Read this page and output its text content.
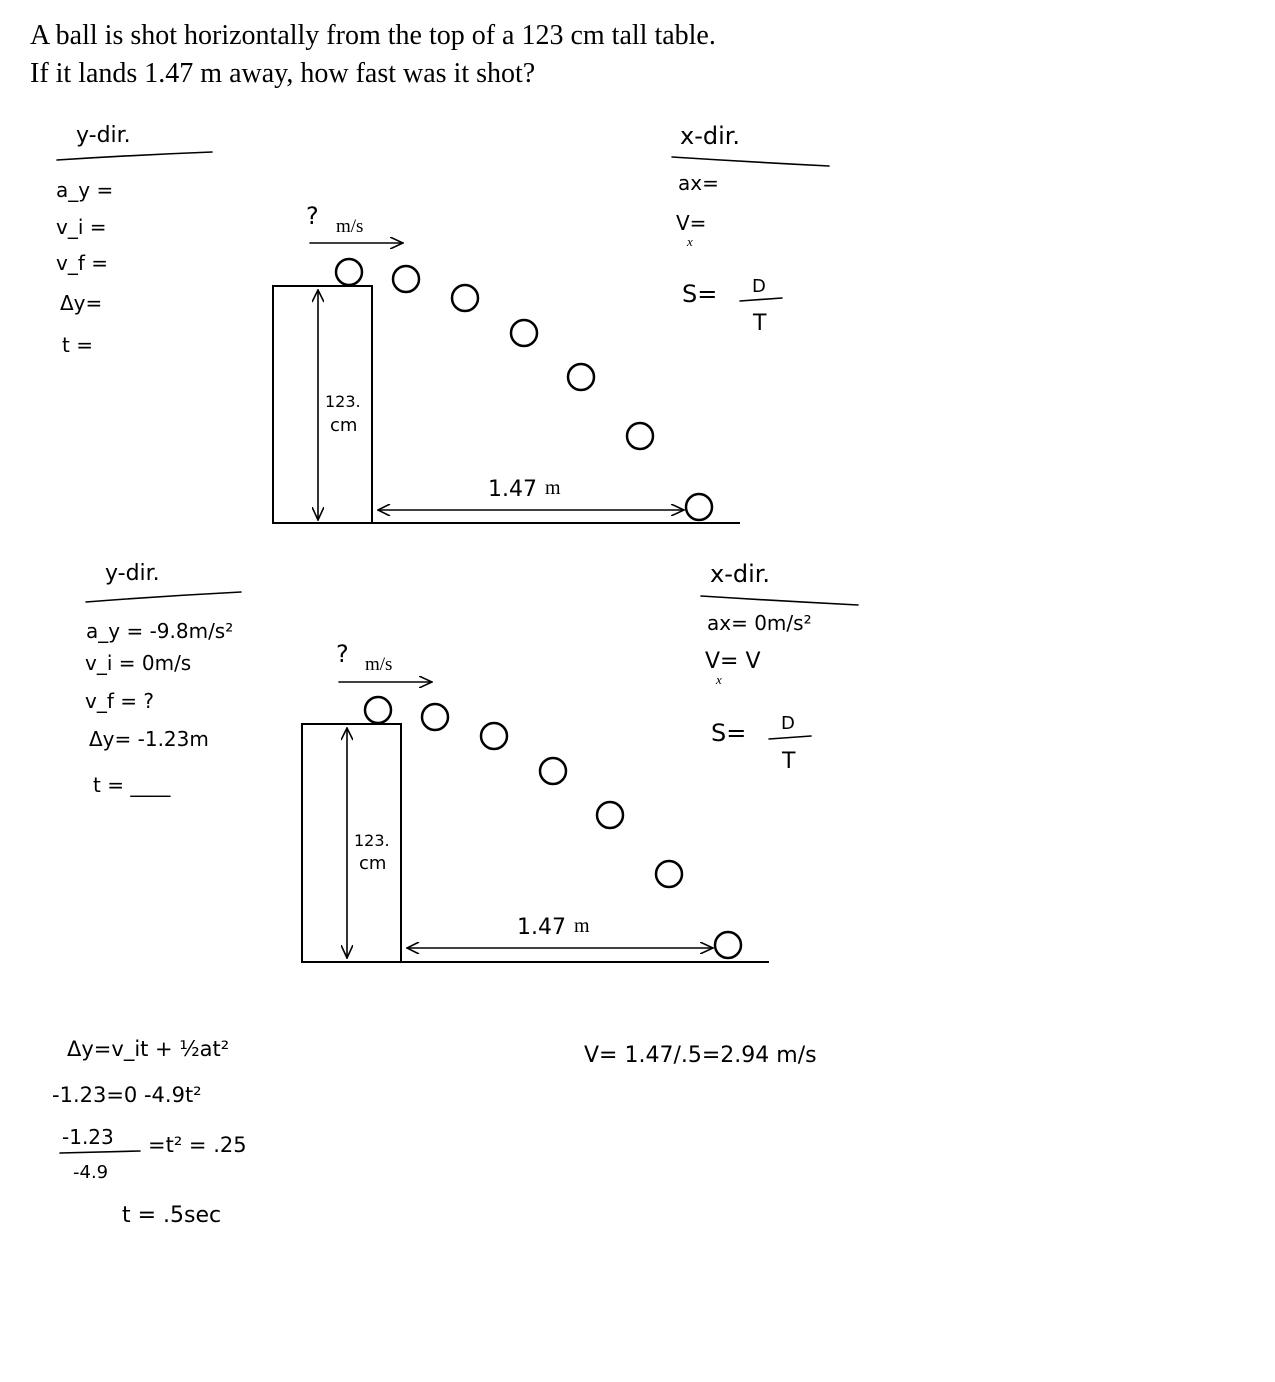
A ball is shot horizontally from the top of a 123 cm tall table.

If it lands 1.47 m away, how fast was it shot?

y-dir.
a_y =
v_i =
v_f =
Δy=
t =
x-dir.
ax=
V=
x
S= D
T
? m/s
123.
cm
1.47 m
y-dir.
a_y = -9.8m/s²
v_i = 0m/s
v_f = ?
Δy= -1.23m
t = ____
x-dir.
ax= 0m/s²
V= V
x
S= D
T
? m/s
123.
cm
1.47 m
Δy=v_it + ½at²
-1.23=0 -4.9t²
-1.23
-4.9
=t² = .25
t = .5sec
V= 1.47/.5=2.94 m/s
